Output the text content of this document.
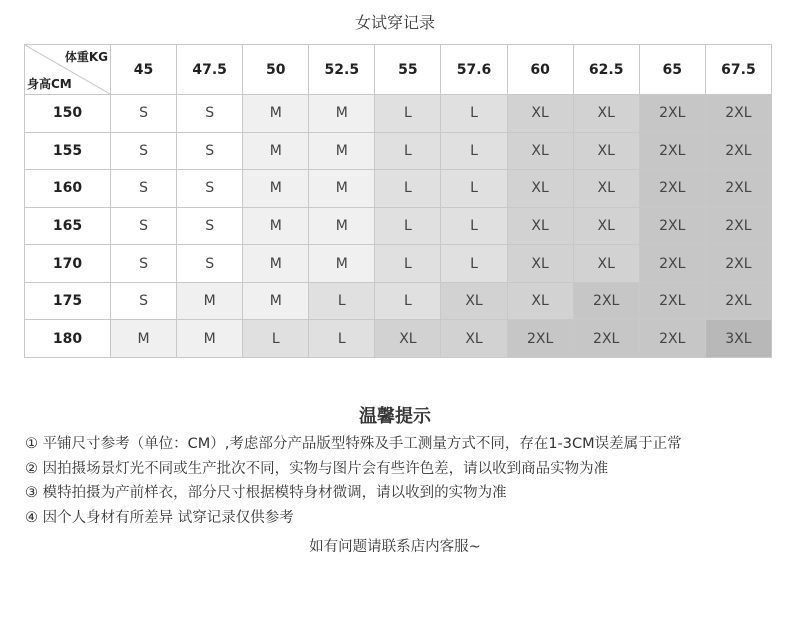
女试穿记录
体重KG
身高CM	45	47.5	50	52.5	55	57.6	60	62.5	65	67.5
150	S	S	M	M	L	L	XL	XL	2XL	2XL
155	S	S	M	M	L	L	XL	XL	2XL	2XL
160	S	S	M	M	L	L	XL	XL	2XL	2XL
165	S	S	M	M	L	L	XL	XL	2XL	2XL
170	S	S	M	M	L	L	XL	XL	2XL	2XL
175	S	M	M	L	L	XL	XL	2XL	2XL	2XL
180	M	M	L	L	XL	XL	2XL	2XL	2XL	3XL
温馨提示
① 平铺尺寸参考（单位：CM）,考虑部分产品版型特殊及手工测量方式不同，存在1-3CM误差属于正常
② 因拍摄场景灯光不同或生产批次不同，实物与图片会有些许色差，请以收到商品实物为准
③ 模特拍摄为产前样衣，部分尺寸根据模特身材微调，请以收到的实物为准
④ 因个人身材有所差异 试穿记录仅供参考
如有问题请联系店内客服~
